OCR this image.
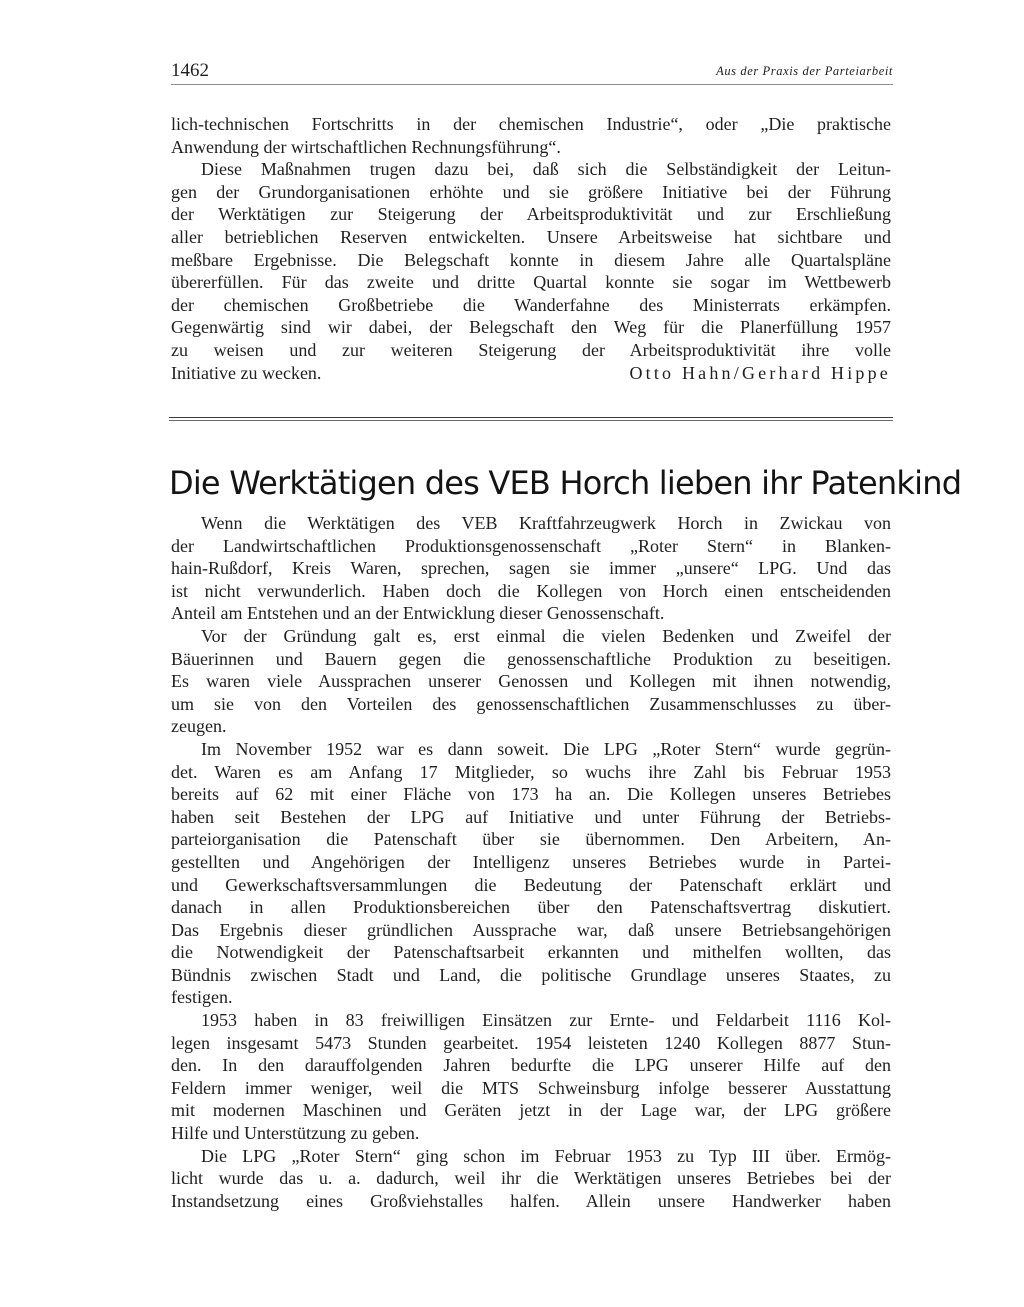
1462	Aus der Praxis der Parteiarbeit
lich-technischen Fortschritts in der chemischen Industrie“, oder „Die praktische
Anwendung der wirtschaftlichen Rechnungsführung“.
Diese Maßnahmen trugen dazu bei, daß sich die Selbständigkeit der Leitun-
gen der Grundorganisationen erhöhte und sie größere Initiative bei der Führung
der Werktätigen zur Steigerung der Arbeitsproduktivität und zur Erschließung
aller betrieblichen Reserven entwickelten. Unsere Arbeitsweise hat sichtbare und
meßbare Ergebnisse. Die Belegschaft konnte in diesem Jahre alle Quartalspläne
übererfüllen. Für das zweite und dritte Quartal konnte sie sogar im Wettbewerb
der chemischen Großbetriebe die Wanderfahne des Ministerrats erkämpfen.
Gegenwärtig sind wir dabei, der Belegschaft den Weg für die Planerfüllung 1957
zu weisen und zur weiteren Steigerung der Arbeitsproduktivität ihre volle
Initiative zu wecken.	Otto Hahn/Gerhard Hippe
Die Werktätigen des VEB Horch lieben ihr Patenkind
Wenn die Werktätigen des VEB Kraftfahrzeugwerk Horch in Zwickau von
der Landwirtschaftlichen Produktionsgenossenschaft „Roter Stern“ in Blanken-
hain-Rußdorf, Kreis Waren, sprechen, sagen sie immer „unsere“ LPG. Und das
ist nicht verwunderlich. Haben doch die Kollegen von Horch einen entscheidenden
Anteil am Entstehen und an der Entwicklung dieser Genossenschaft.
Vor der Gründung galt es, erst einmal die vielen Bedenken und Zweifel der
Bäuerinnen und Bauern gegen die genossenschaftliche Produktion zu beseitigen.
Es waren viele Aussprachen unserer Genossen und Kollegen mit ihnen notwendig,
um sie von den Vorteilen des genossenschaftlichen Zusammenschlusses zu über-
zeugen.
Im November 1952 war es dann soweit. Die LPG „Roter Stern“ wurde gegrün-
det. Waren es am Anfang 17 Mitglieder, so wuchs ihre Zahl bis Februar 1953
bereits auf 62 mit einer Fläche von 173 ha an. Die Kollegen unseres Betriebes
haben seit Bestehen der LPG auf Initiative und unter Führung der Betriebs-
parteiorganisation die Patenschaft über sie übernommen. Den Arbeitern, An-
gestellten und Angehörigen der Intelligenz unseres Betriebes wurde in Partei-
und Gewerkschaftsversammlungen die Bedeutung der Patenschaft erklärt und
danach in allen Produktionsbereichen über den Patenschaftsvertrag diskutiert.
Das Ergebnis dieser gründlichen Aussprache war, daß unsere Betriebsangehörigen
die Notwendigkeit der Patenschaftsarbeit erkannten und mithelfen wollten, das
Bündnis zwischen Stadt und Land, die politische Grundlage unseres Staates, zu
festigen.
1953 haben in 83 freiwilligen Einsätzen zur Ernte- und Feldarbeit 1116 Kol-
legen insgesamt 5473 Stunden gearbeitet. 1954 leisteten 1240 Kollegen 8877 Stun-
den. In den darauffolgenden Jahren bedurfte die LPG unserer Hilfe auf den
Feldern immer weniger, weil die MTS Schweinsburg infolge besserer Ausstattung
mit modernen Maschinen und Geräten jetzt in der Lage war, der LPG größere
Hilfe und Unterstützung zu geben.
Die LPG „Roter Stern“ ging schon im Februar 1953 zu Typ III über. Ermög-
licht wurde das u. a. dadurch, weil ihr die Werktätigen unseres Betriebes bei der
Instandsetzung eines Großviehstalles halfen. Allein unsere Handwerker haben
